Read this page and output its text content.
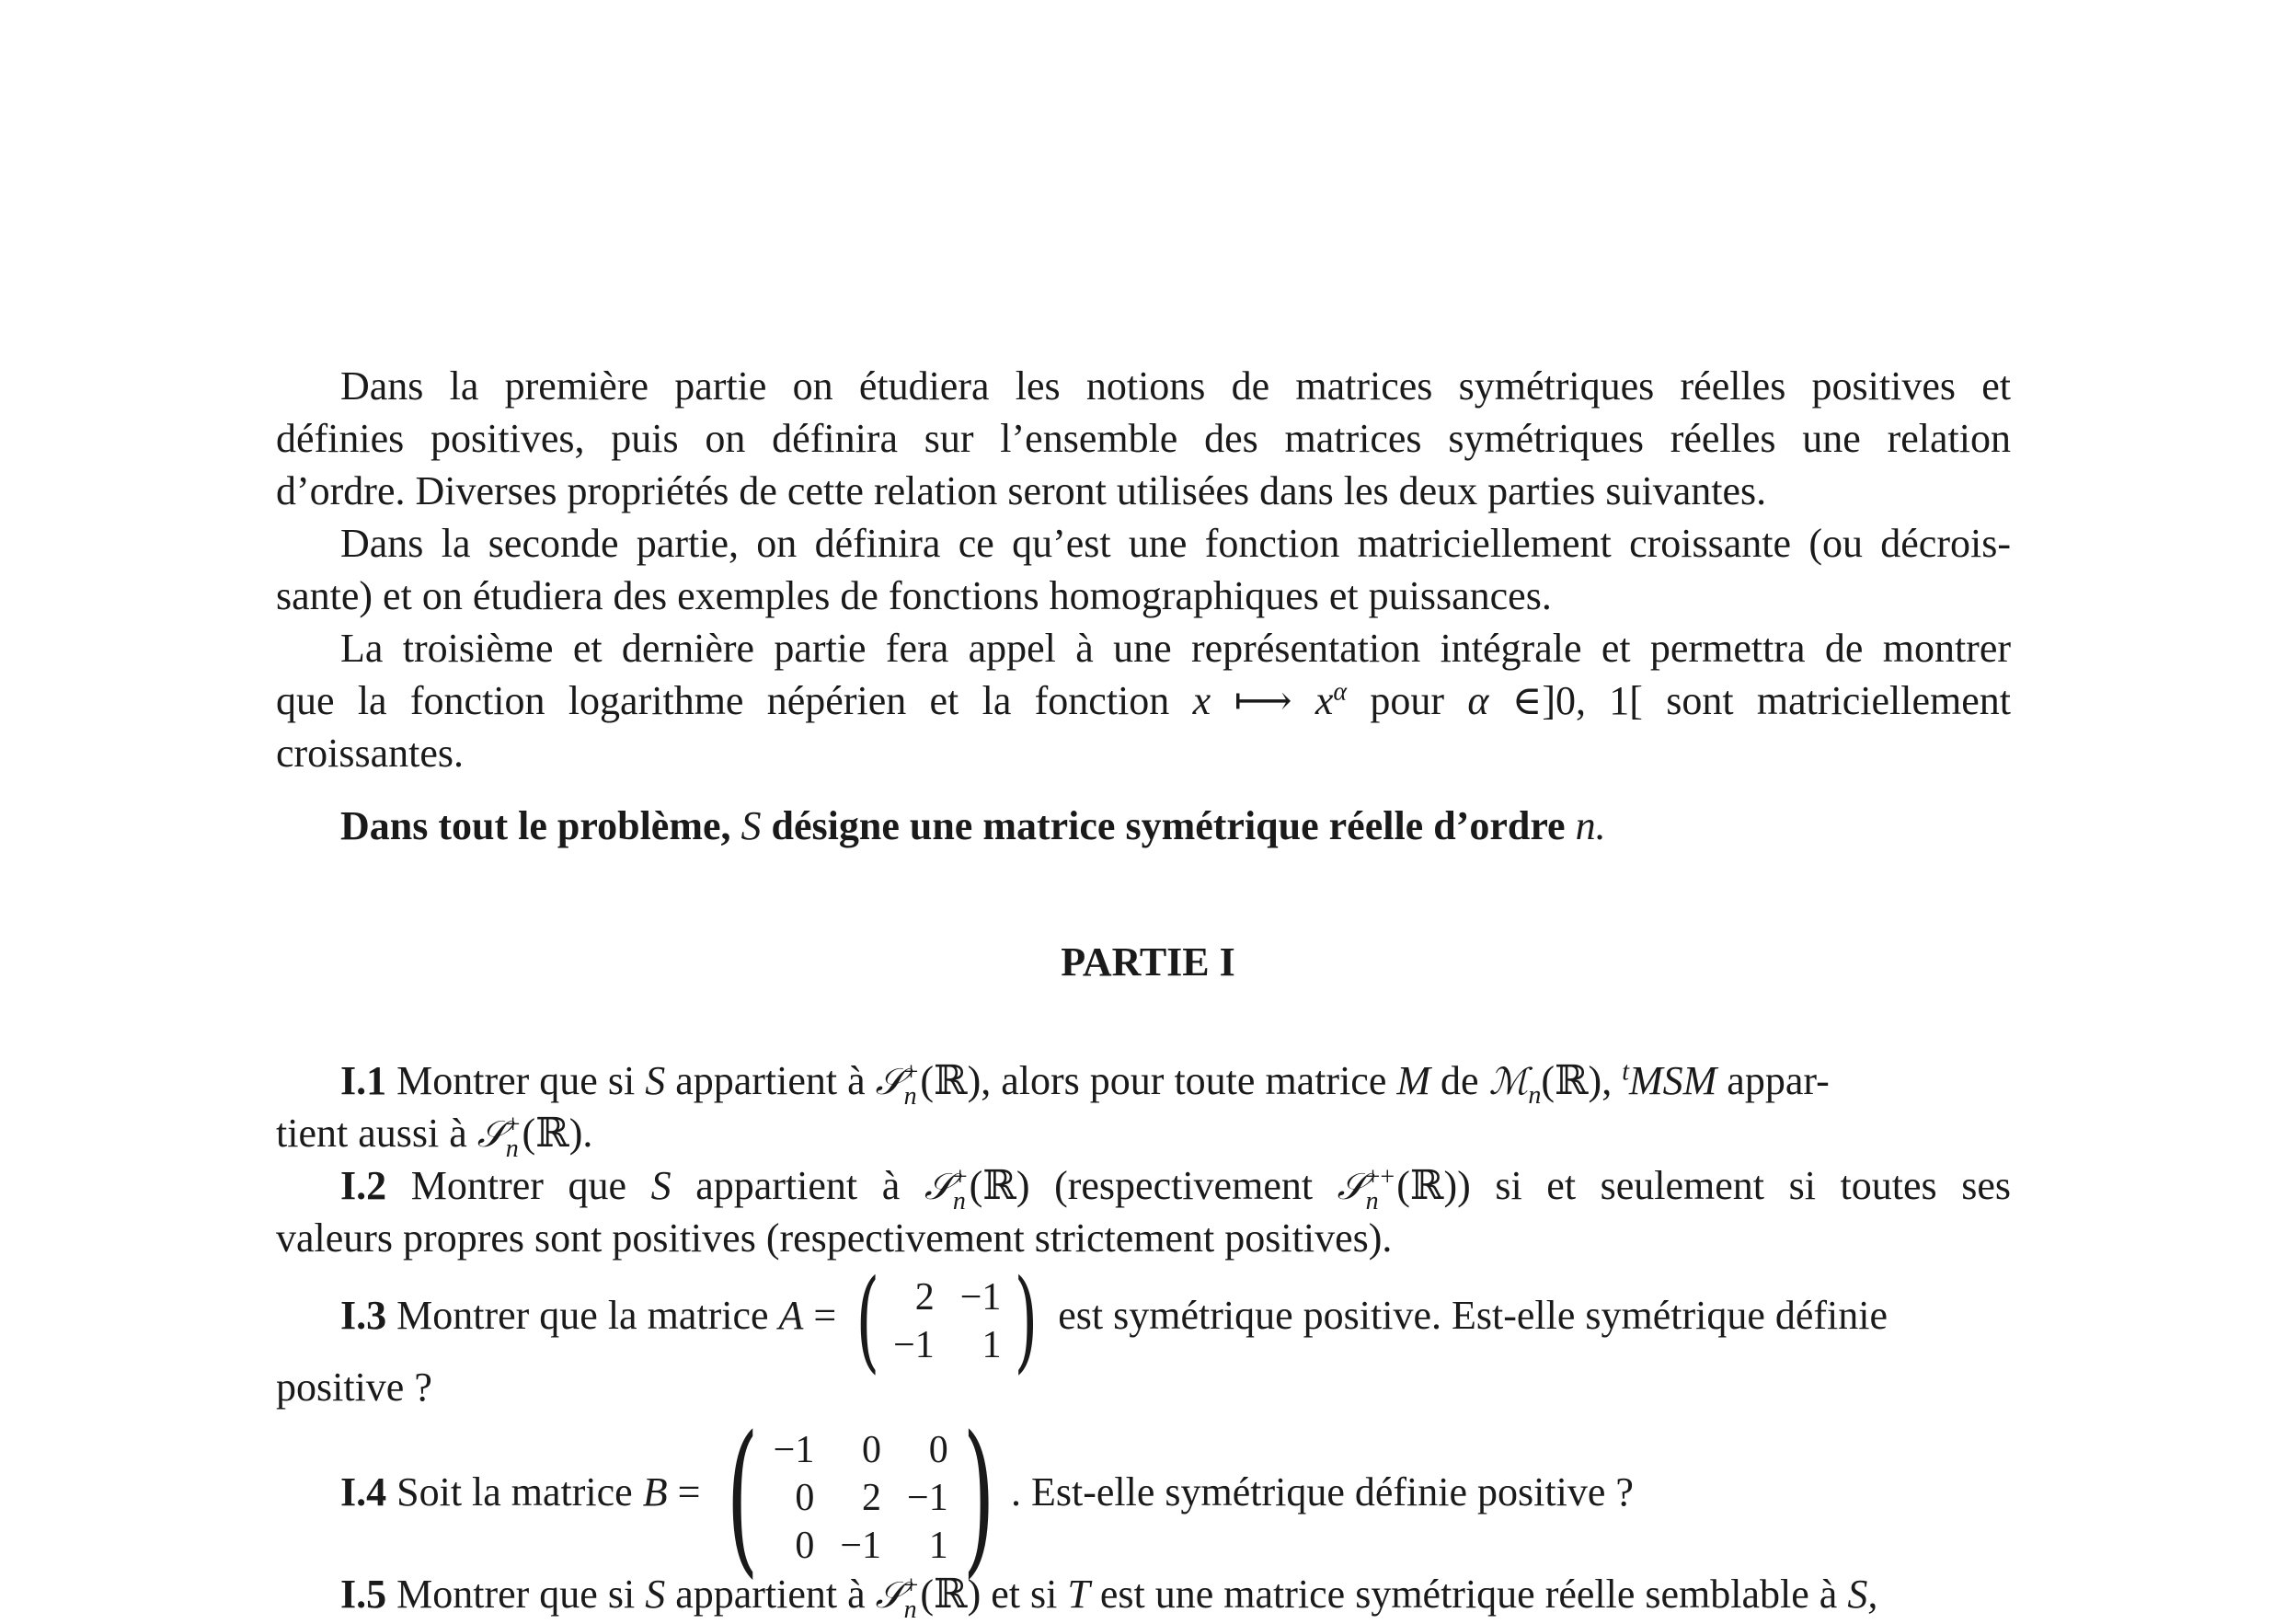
Dans la première partie on étudiera les notions de matrices symétriques réelles positives et
définies positives, puis on définira sur l’ensemble des matrices symétriques réelles une relation
d’ordre. Diverses propriétés de cette relation seront utilisées dans les deux parties suivantes.
Dans la seconde partie, on définira ce qu’est une fonction matriciellement croissante (ou décrois-
sante) et on étudiera des exemples de fonctions homographiques et puissances.
La troisième et dernière partie fera appel à une représentation intégrale et permettra de montrer
que la fonction logarithme népérien et la fonction x ⟼ $x^\alpha$ pour α ∈]0, 1[ sont matriciellement
croissantes.
Dans tout le problème, S désigne une matrice symétrique réelle d’ordre n.
PARTIE I
I.1 Montrer que si S appartient à 𝒮 +
n (ℝ), alors pour toute matrice M de ℳ$_n$(ℝ), $^t$MSM appar-
tient aussi à 𝒮 +
n (ℝ).
I.2 Montrer que S appartient à 𝒮 +
n (ℝ) (respectivement 𝒮 ++
n (ℝ)) si et seulement si toutes ses
valeurs propres sont positives (respectivement strictement positives).
I.3 Montrer que la matrice A = ( 2	−1
−1	1 ) est symétrique positive. Est-elle symétrique définie
positive ?
I.4 Soit la matrice B = ( −1	0	0
0	2	−1
0	−1	1 ) . Est-elle symétrique définie positive ?
I.5 Montrer que si S appartient à 𝒮 +
n (ℝ) et si T est une matrice symétrique réelle semblable à S,
